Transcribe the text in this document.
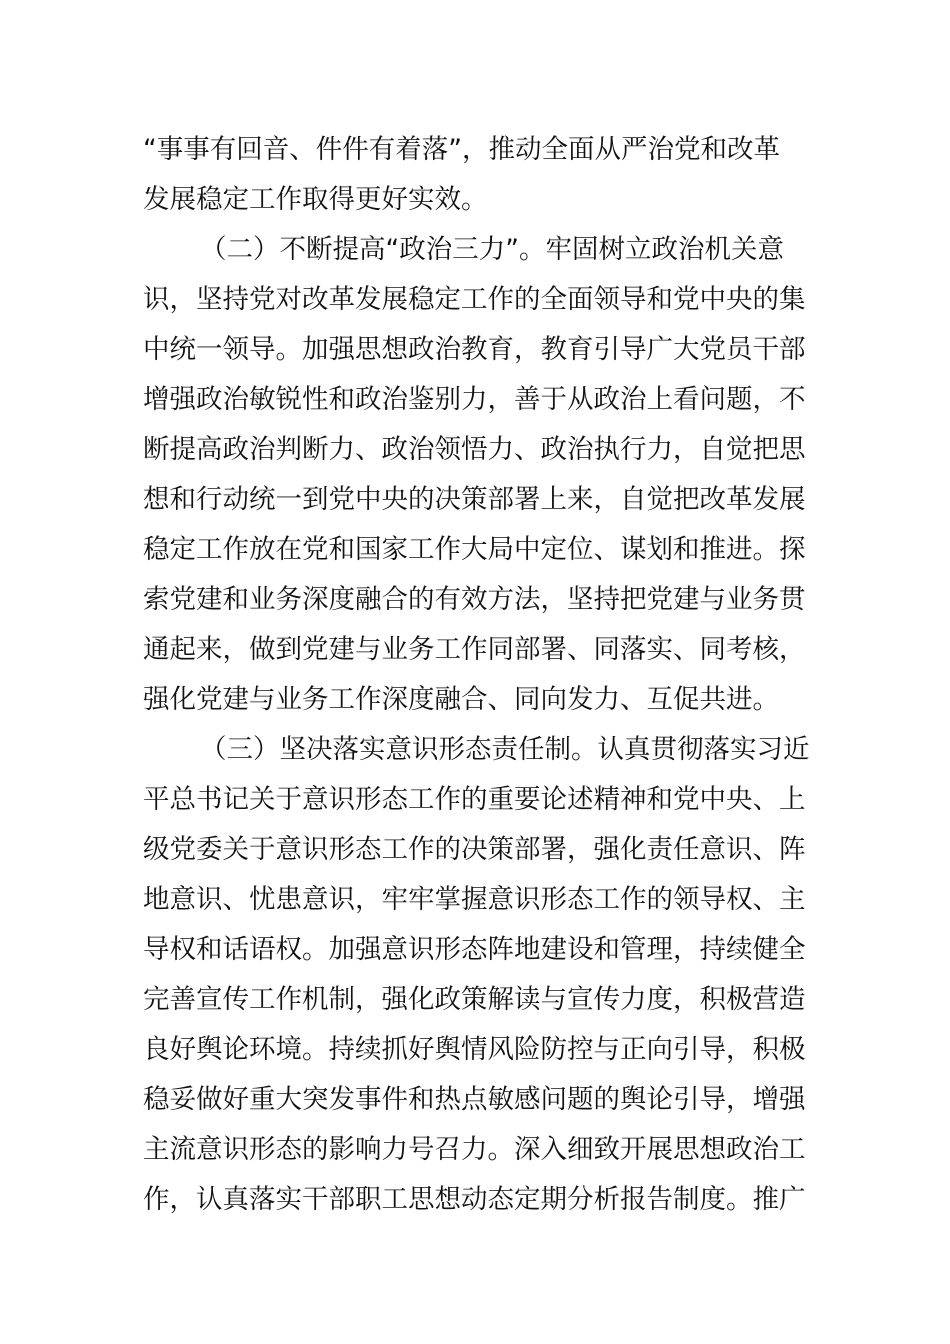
“事事有回音、件件有着落”，推动全面从严治党和改革
发展稳定工作取得更好实效。
（二）不断提高“政治三力”。牢固树立政治机关意
识，坚持党对改革发展稳定工作的全面领导和党中央的集
中统一领导。加强思想政治教育，教育引导广大党员干部
增强政治敏锐性和政治鉴别力，善于从政治上看问题，不
断提高政治判断力、政治领悟力、政治执行力，自觉把思
想和行动统一到党中央的决策部署上来，自觉把改革发展
稳定工作放在党和国家工作大局中定位、谋划和推进。探
索党建和业务深度融合的有效方法，坚持把党建与业务贯
通起来，做到党建与业务工作同部署、同落实、同考核，
强化党建与业务工作深度融合、同向发力、互促共进。
（三）坚决落实意识形态责任制。认真贯彻落实习近
平总书记关于意识形态工作的重要论述精神和党中央、上
级党委关于意识形态工作的决策部署，强化责任意识、阵
地意识、忧患意识，牢牢掌握意识形态工作的领导权、主
导权和话语权。加强意识形态阵地建设和管理，持续健全
完善宣传工作机制，强化政策解读与宣传力度，积极营造
良好舆论环境。持续抓好舆情风险防控与正向引导，积极
稳妥做好重大突发事件和热点敏感问题的舆论引导，增强
主流意识形态的影响力号召力。深入细致开展思想政治工
作，认真落实干部职工思想动态定期分析报告制度。推广
